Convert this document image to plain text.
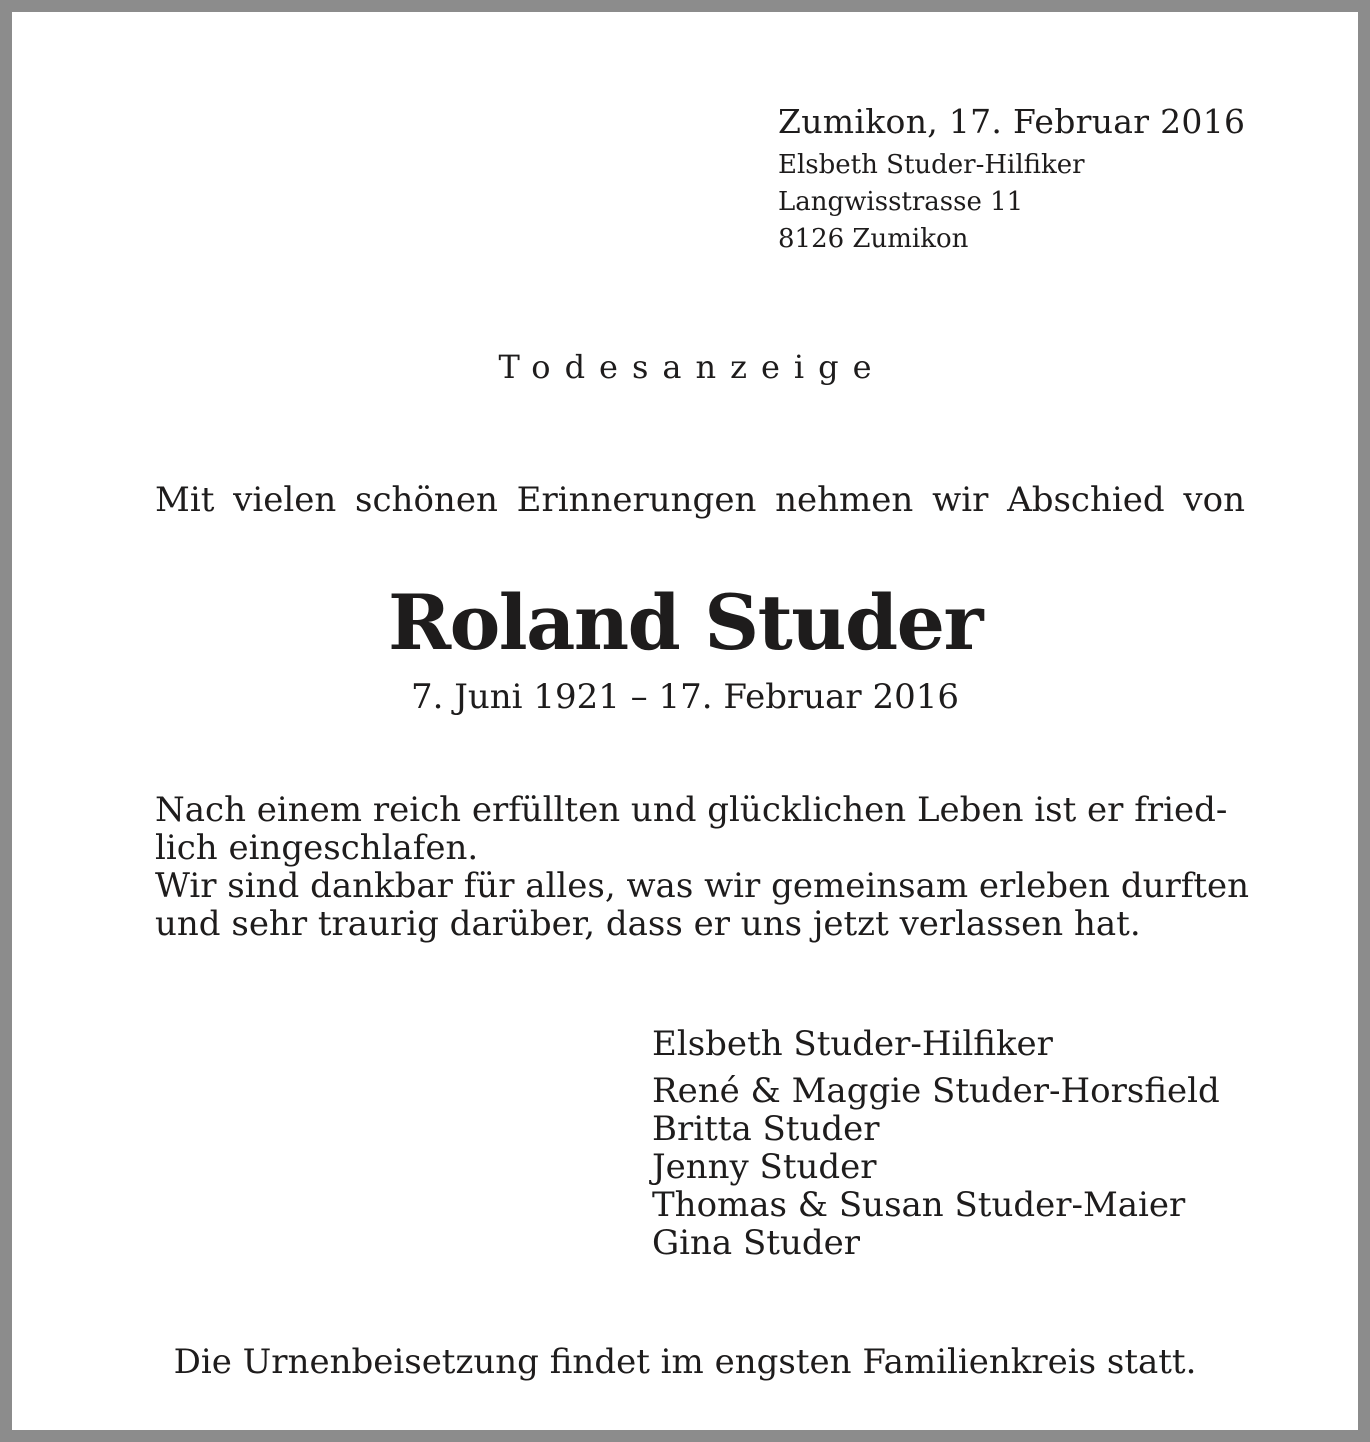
Zumikon, 17. Februar 2016
Elsbeth Studer-Hilfiker
Langwisstrasse 11
8126 Zumikon
Todesanzeige
Mit vielen schönen Erinnerungen nehmen wir Abschied von
Roland Studer
7. Juni 1921 – 17. Februar 2016
Nach einem reich erfüllten und glücklichen Leben ist er fried-
lich eingeschlafen.
Wir sind dankbar für alles, was wir gemeinsam erleben durften
und sehr traurig darüber, dass er uns jetzt verlassen hat.
Elsbeth Studer-Hilfiker
René & Maggie Studer-Horsfield
Britta Studer
Jenny Studer
Thomas & Susan Studer-Maier
Gina Studer
Die Urnenbeisetzung findet im engsten Familienkreis statt.
